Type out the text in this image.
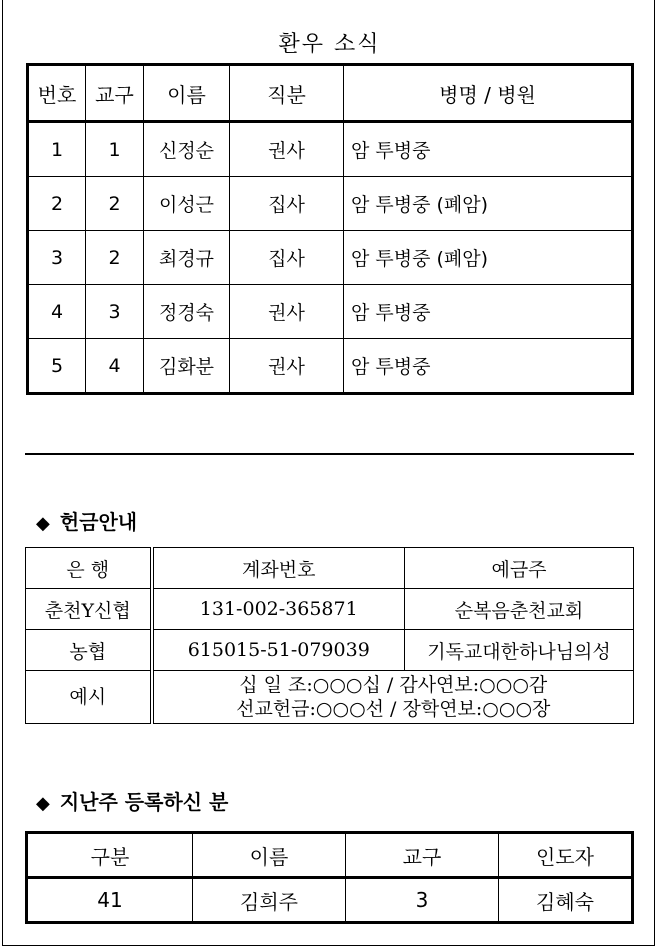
환우 소식
번호	교구	이름	직분	병명 / 병원
1	1	신정순	권사	암 투병중
2	2	이성근	집사	암 투병중 (폐암)
3	2	최경규	집사	암 투병중 (폐암)
4	3	정경숙	권사	암 투병중
5	4	김화분	권사	암 투병중
◆ 헌금안내
은 행	계좌번호	예금주
춘천Y신협	131-002-365871	순복음춘천교회
농협	615015-51-079039	기독교대한하나님의성
예시	십 일 조:○○○십 / 감사연보:○○○감
선교헌금:○○○선 / 장학연보:○○○장	
◆ 지난주 등록하신 분
구분	이름	교구	인도자
41	김희주	3	김혜숙
